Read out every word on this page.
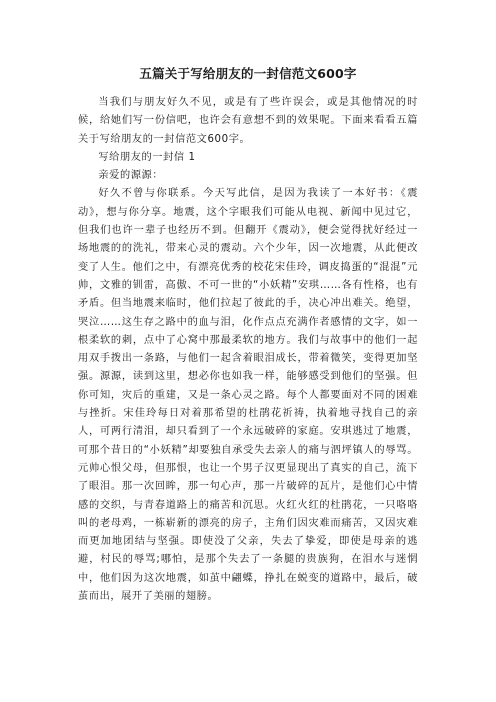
五篇关于写给朋友的一封信范文600字

当我们与朋友好久不见，或是有了些许误会，或是其他情况的时候，给她们写一份信吧，也许会有意想不到的效果呢。下面来看看五篇关于写给朋友的一封信范文600字。

写给朋友的一封信 1

亲爱的源源：

好久不曾与你联系。今天写此信，是因为我读了一本好书：《震动》，想与你分享。地震，这个字眼我们可能从电视、新闻中见过它，但我们也许一辈子也经历不到。但翻开《震动》，便会觉得扰好经过一场地震的的洗礼，带来心灵的震动。六个少年，因一次地震，从此便改变了人生。他们之中，有漂亮优秀的校花宋佳玲，调皮捣蛋的“混混”元帅，文雅的钏雷，高傲、不可一世的“小妖精”安琪……各有性格，也有矛盾。但当地震来临时，他们拉起了彼此的手，决心冲出难关。绝望，哭泣……这生存之路中的血与泪，化作点点充满作者感情的文字，如一根柔软的刺，点中了心窝中那最柔软的地方。我们与故事中的他们一起用双手拨出一条路，与他们一起含着眼泪成长，带着微笑，变得更加坚强。源源，读到这里，想必你也如我一样，能够感受到他们的坚强。但你可知，灾后的重建，又是一条心灵之路。每个人都要面对不同的困难与挫折。宋佳玲每日对着那希望的杜鹃花祈祷，执着地寻找自己的亲人，可两行清泪，却只看到了一个永远破碎的家庭。安琪逃过了地震，可那个昔日的“小妖精”却要独自承受失去亲人的痛与泗坪镇人的辱骂。元帅心恨父母，但那恨，也让一个男子汉更显现出了真实的自己，流下了眼泪。那一次回眸，那一句心声，那一片破碎的瓦片，是他们心中情感的交织，与青春道路上的痛苦和沉思。火红火红的杜鹃花，一只咯咯叫的老母鸡，一栋崭新的漂亮的房子，主角们因灾难而痛苦，又因灾难而更加地团结与坚强。即使没了父亲，失去了挚爱，即使是母亲的逃避，村民的辱骂;哪怕，是那个失去了一条腿的贵族狗，在泪水与迷惘中，他们因为这次地震，如茧中翩蝶，挣扎在蜕变的道路中，最后，破茧而出，展开了美丽的翅膀。
